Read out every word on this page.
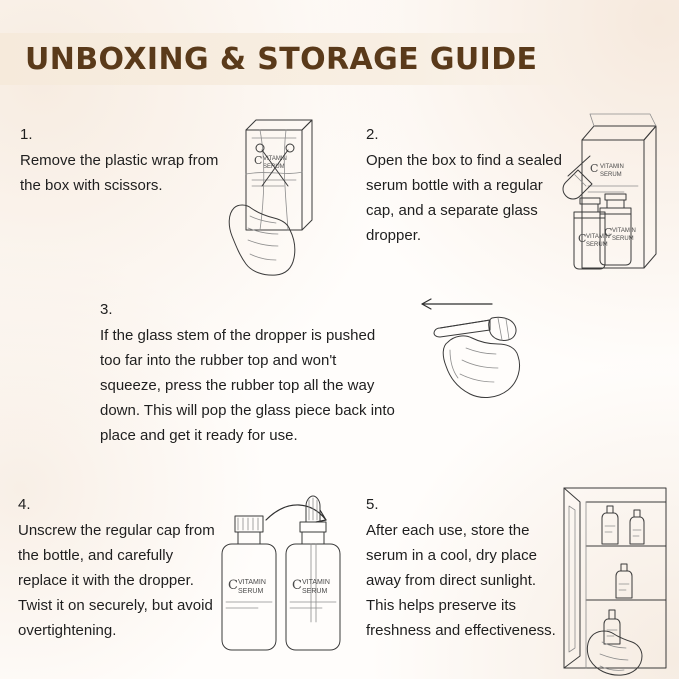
UNBOXING & STORAGE GUIDE
1.
Remove the plastic wrap from the box with scissors.
C VITAMIN
SERUM
2.
Open the box to find a sealed serum bottle with a regular cap, and a separate glass dropper.
C VITAMIN
SERUM
C VITAMIN
SERUM
C VITAMIN
SERUM
3.
If the glass stem of the dropper is pushed too far into the rubber top and won't squeeze, press the rubber top all the way down. This will pop the glass piece back into place and get it ready for use.
4.
Unscrew the regular cap from the bottle, and carefully replace it with the dropper. Twist it on securely, but avoid overtightening.
C VITAMIN
SERUM C VITAMIN
SERUM
5.
After each use, store the serum in a cool, dry place away from direct sunlight. This helps preserve its freshness and effectiveness.
